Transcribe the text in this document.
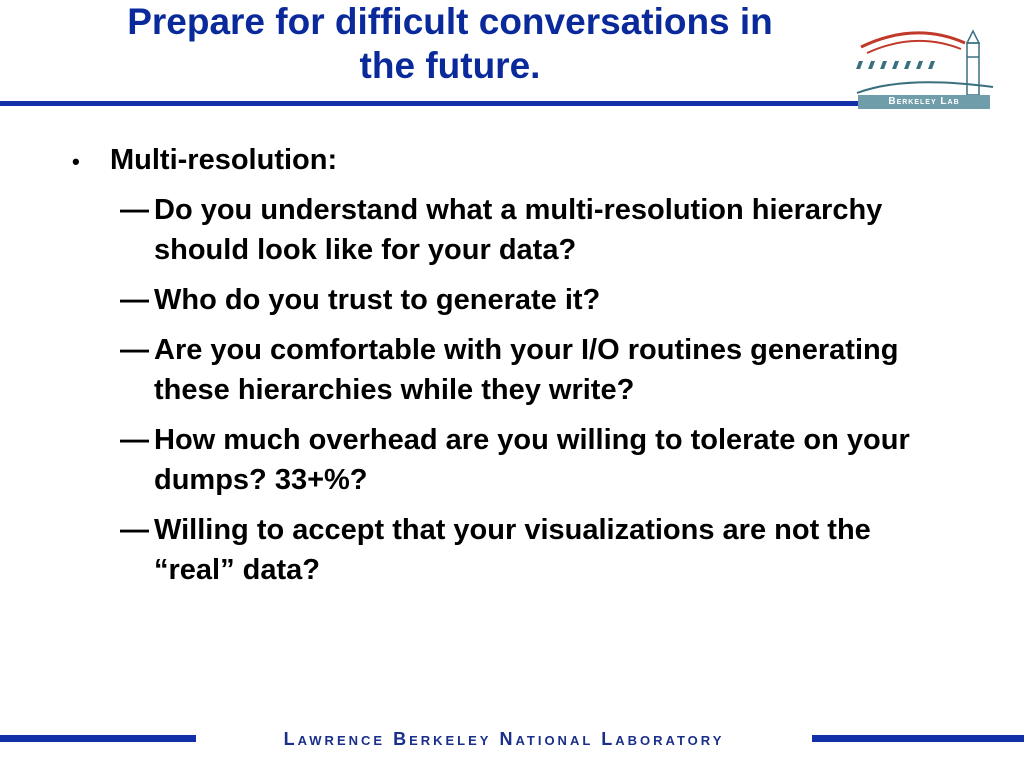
Prepare for difficult conversations in
the future.
Berkeley Lab
•	Multi-resolution:
— Do you understand what a multi-resolution hierarchy should look like for your data?
— Who do you trust to generate it?
— Are you comfortable with your I/O routines generating these hierarchies while they write?
— How much overhead are you willing to tolerate on your dumps? 33+%?
— Willing to accept that your visualizations are not the “real” data?
Lawrence Berkeley National Laboratory
